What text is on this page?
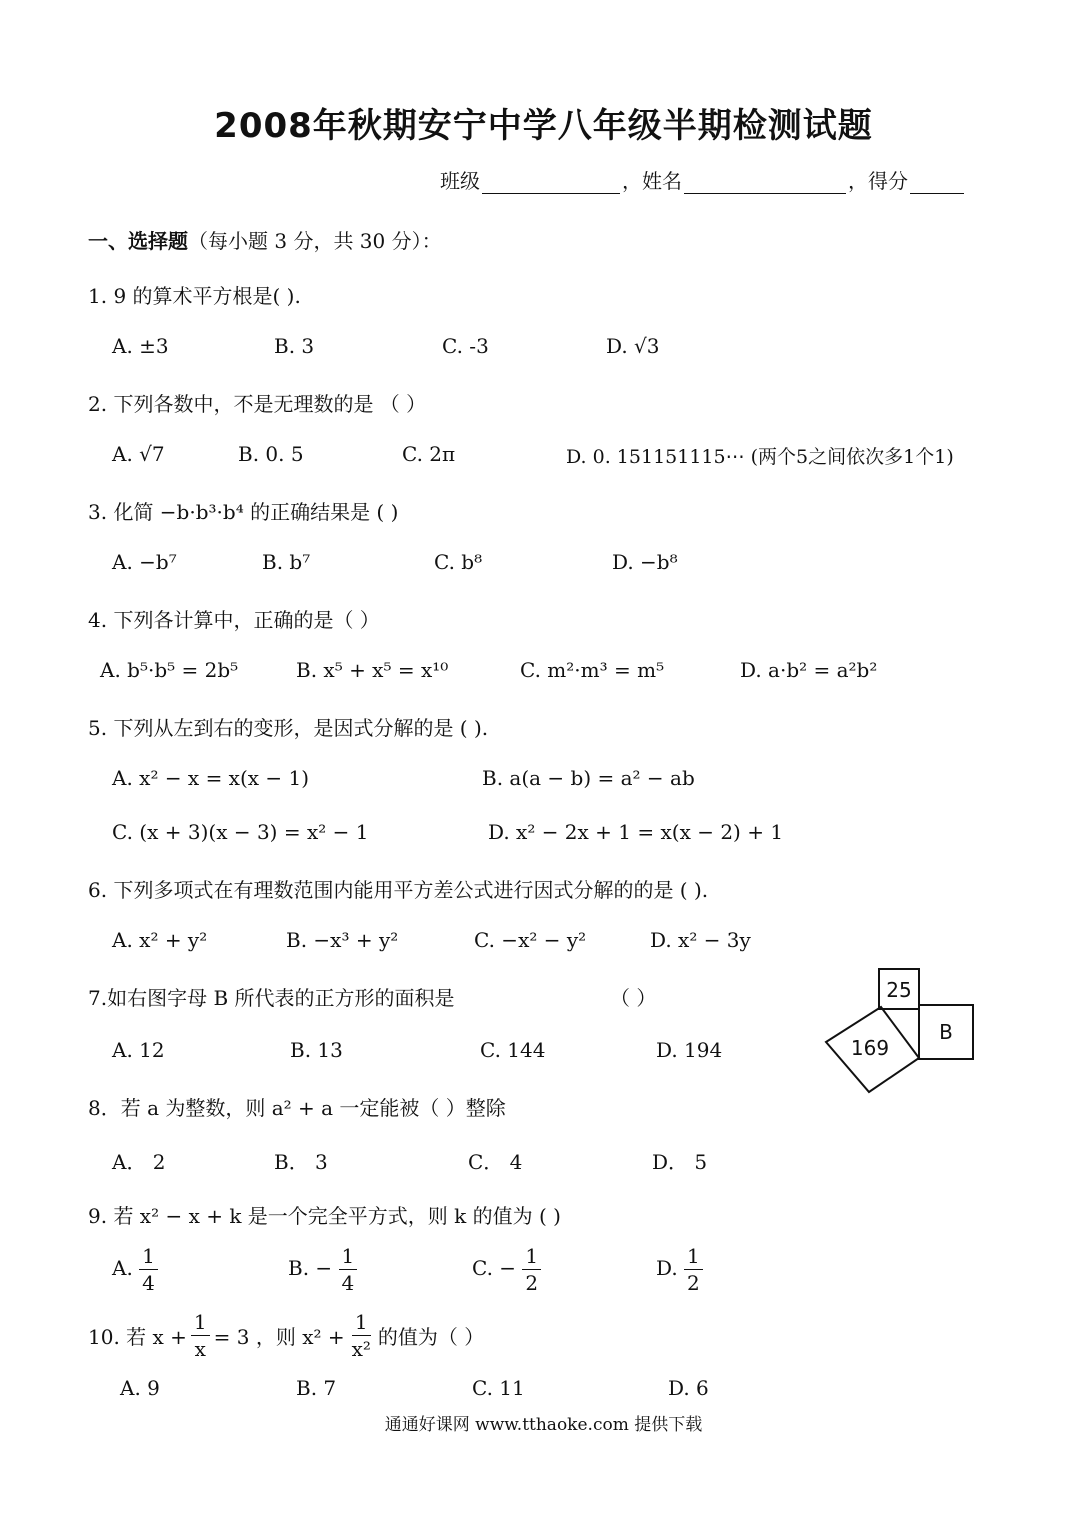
2008年秋期安宁中学八年级半期检测试题
班级	，姓名	，得分
一、选择题（每小题 3 分，共 30 分）：
1. 9 的算术平方根是( ).
A. ±3	B. 3	C. -3	D. √3
2. 下列各数中，不是无理数的是 （ ）
A. √7	B. 0. 5	C. 2π	D. 0. 151151115⋯ (两个5之间依次多1个1)
3. 化简 −b·b³·b⁴ 的正确结果是 ( )
A. −b⁷	B. b⁷	C. b⁸	D. −b⁸
4. 下列各计算中，正确的是（ ）
A. b⁵·b⁵ = 2b⁵	B. x⁵ + x⁵ = x¹⁰	C. m²·m³ = m⁵	D. a·b² = a²b²
5. 下列从左到右的变形，是因式分解的是 ( ).
A. x² − x = x(x − 1)	B. a(a − b) = a² − ab
C. (x + 3)(x − 3) = x² − 1	D. x² − 2x + 1 = x(x − 2) + 1
6. 下列多项式在有理数范围内能用平方差公式进行因式分解的的是 ( ).
A. x² + y²	B. −x³ + y²	C. −x² − y²	D. x² − 3y
7.如右图字母 B 所代表的正方形的面积是	（ ）
A. 12	B. 13	C. 144	D. 194
25
B
169
8．若 a 为整数，则 a² + a 一定能被（ ）整除
A． 2	B． 3	C． 4	D． 5
9. 若 x² − x + k 是一个完全平方式，则 k 的值为 ( )
A. $\frac{1}{4}$	B. − $\frac{1}{4}$	C. − $\frac{1}{2}$	D. $\frac{1}{2}$
10. 若 $x + \frac{1}{x} = 3$ ，则 $x^2 + \frac{1}{\text{x²}}$ 的值为（ ）
A. 9	B. 7	C. 11	D. 6
通通好课网 www.tthaoke.com 提供下载
